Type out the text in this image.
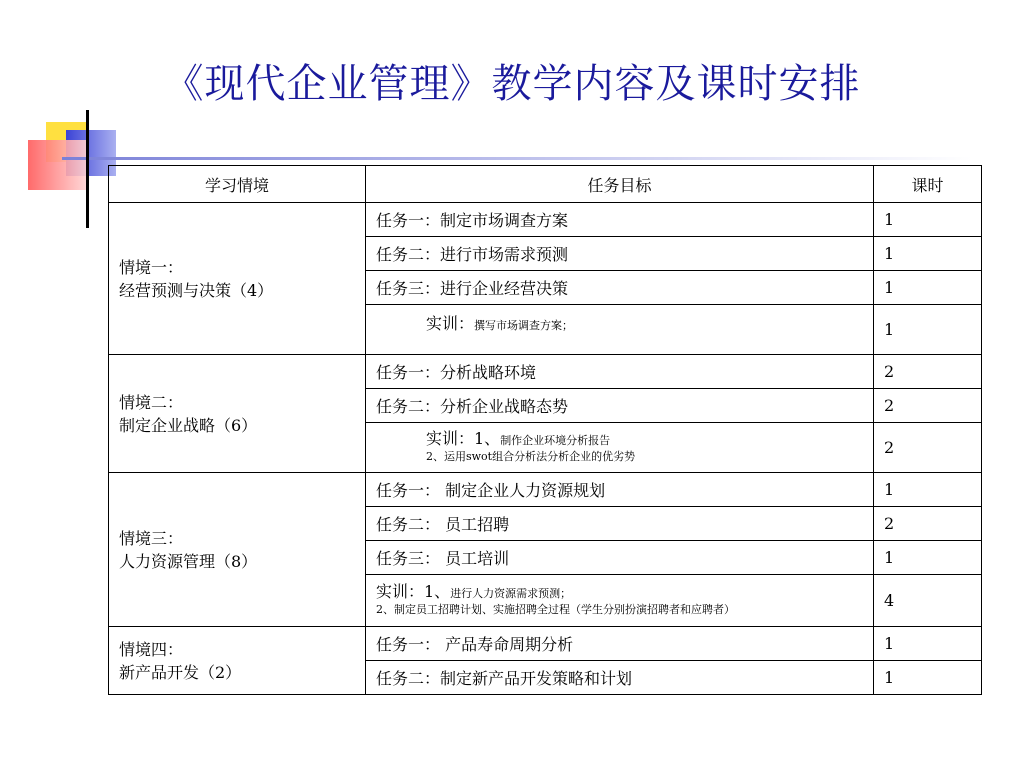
《现代企业管理》教学内容及课时安排
学习情境	任务目标	课时

情境一：
经营预测与决策（4）	任务一：制定市场调查方案	1
	任务二：进行市场需求预测	1
	任务三：进行企业经营决策	1
	实训：撰写市场调查方案；	1

情境二：
制定企业战略（6）	任务一：分析战略环境	2
	任务二：分析企业战略态势	2

	实训：1、制作企业环境分析报告
2、运用swot组合分析法分析企业的优劣势	2

情境三：
人力资源管理（8）	任务一： 制定企业人力资源规划	1
	任务二： 员工招聘	2
	任务三： 员工培训	1

	实训：1、进行人力资源需求预测；
2、制定员工招聘计划、实施招聘全过程（学生分别扮演招聘者和应聘者）	4

情境四：
新产品开发（2）	任务一： 产品寿命周期分析	1
	任务二：制定新产品开发策略和计划	1
